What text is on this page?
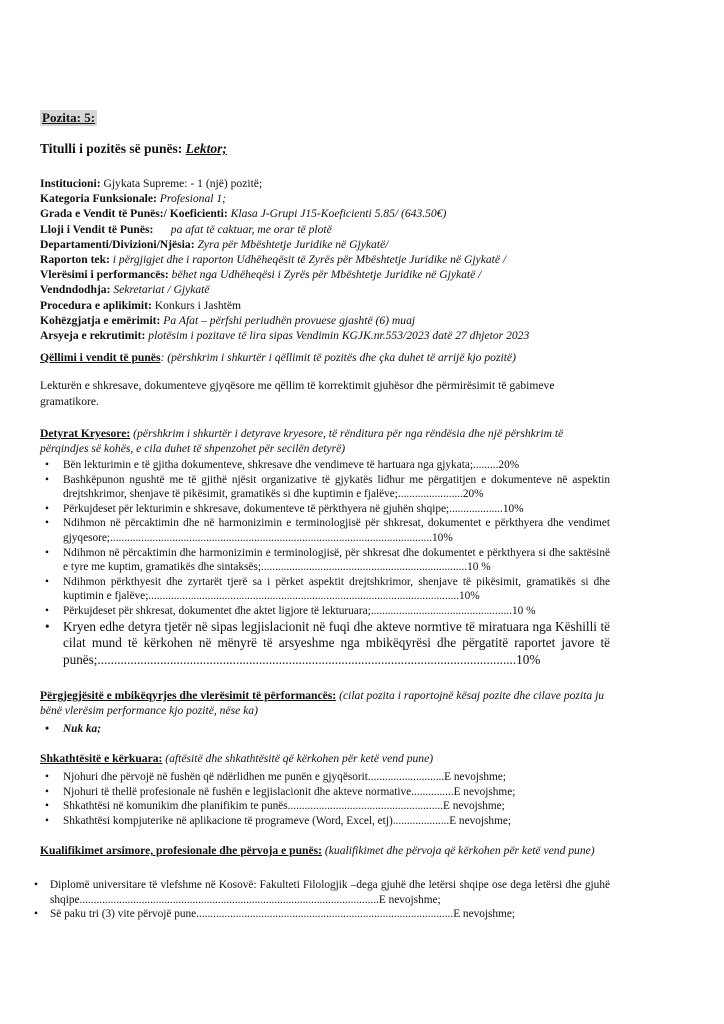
Pozita: 5:
Titulli i pozitës së punës: Lektor;
Institucioni: Gjykata Supreme: - 1 (një) pozitë;
Kategoria Funksionale: Profesional 1;
Grada e Vendit të Punës:/ Koeficienti: Klasa J-Grupi J15-Koeficienti 5.85/ (643.50€)
Lloji i Vendit të Punës:      pa afat të caktuar, me orar të plotë
Departamenti/Divizioni/Njësia: Zyra për Mbështetje Juridike në Gjykatë/
Raporton tek: i përgjigjet dhe i raporton Udhëheqësit të Zyrës për Mbështetje Juridike në Gjykatë /
Vlerësimi i performancës: bëhet nga Udhëheqësi i Zyrës për Mbështetje Juridike në Gjykatë /
Vendndodhja: Sekretariat / Gjykatë
Procedura e aplikimit: Konkurs i Jashtëm
Kohëzgjatja e emërimit: Pa Afat – përfshi periudhën provuese gjashtë (6) muaj
Arsyeja e rekrutimit: plotësim i pozitave të lira sipas Vendimin KGJK.nr.553/2023 datë 27 dhjetor 2023
Qëllimi i vendit të punës: (përshkrim i shkurtër i qëllimit të pozitës dhe çka duhet të arrijë kjo pozitë)
Lekturën e shkresave, dokumenteve gjyqësore me qëllim të korrektimit gjuhësor dhe përmirësimit të gabimeve gramatikore.
Detyrat Kryesore: (përshkrim i shkurtër i detyrave kryesore, të rënditura për nga rëndësia dhe një përshkrim të përqindjes së kohës, e cila duhet të shpenzohet për secilën detyrë)
• Bën lekturimin e të gjitha dokumenteve, shkresave dhe vendimeve të hartuara nga gjykata;.........20%
• Bashkëpunon ngushtë me të gjithë njësit organizative të gjykatës lidhur me përgatitjen e dokumenteve në aspektin drejtshkrimor, shenjave të pikësimit, gramatikës si dhe kuptimin e fjalëve;.......................20%
• Përkujdeset për lekturimin e shkresave, dokumenteve të përkthyera në gjuhën shqipe;...................10%
• Ndihmon në përcaktimin dhe në harmonizimin e terminologjisë për shkresat, dokumentet e përkthyera dhe vendimet gjyqesore;..................................................................................................................10%
• Ndihmon në përcaktimin dhe harmonizimin e terminologjisë, për shkresat dhe dokumentet e përkthyera si dhe saktësinë e tyre me kuptim, gramatikës dhe sintaksës;.........................................................................10 %
• Ndihmon përkthyesit dhe zyrtarët tjerë sa i përket aspektit drejtshkrimor, shenjave të pikësimit, gramatikës si dhe kuptimin e fjalëve;..............................................................................................................10%
• Përkujdeset për shkresat, dokumentet dhe aktet ligjore të lekturuara;..................................................10 %
• Kryen edhe detyra tjetër në sipas legjislacionit në fuqi dhe akteve normtive të miratuara nga Këshilli të cilat mund të kërkohen në mënyrë të arsyeshme nga mbikëqyrësi dhe përgatitë raportet javore të punës;...............................................................................................................................10%
Përgjegjësitë e mbikëqyrjes dhe vlerësimit të përformancës: (cilat pozita i raportojnë kësaj pozite dhe cilave pozita ju bënë vlerësim performance kjo pozitë, nëse ka)
• Nuk ka;
Shkathtësitë e kërkuara: (aftësitë dhe shkathtësitë që kërkohen për ketë vend pune)
• Njohuri dhe përvojë në fushën që ndërlidhen me punën e gjyqësorit...........................E nevojshme;
• Njohuri të thellë profesionale në fushën e legjislacionit dhe akteve normative...............E nevojshme;
• Shkathtësi në komunikim dhe planifikim te punës.......................................................E nevojshme;
• Shkathtësi kompjuterike në aplikacione të programeve (Word, Excel, etj)....................E nevojshme;
Kualifikimet arsimore, profesionale dhe përvoja e punës: (kualifikimet dhe përvoja që kërkohen për ketë vend pune)
• Diplomë universitare të vlefshme në Kosovë: Fakulteti Filologjik –dega gjuhë dhe letërsi shqipe ose dega letërsi dhe gjuhë shqipe..........................................................................................................E nevojshme;
• Së paku tri (3) vite përvojë pune...........................................................................................E nevojshme;
